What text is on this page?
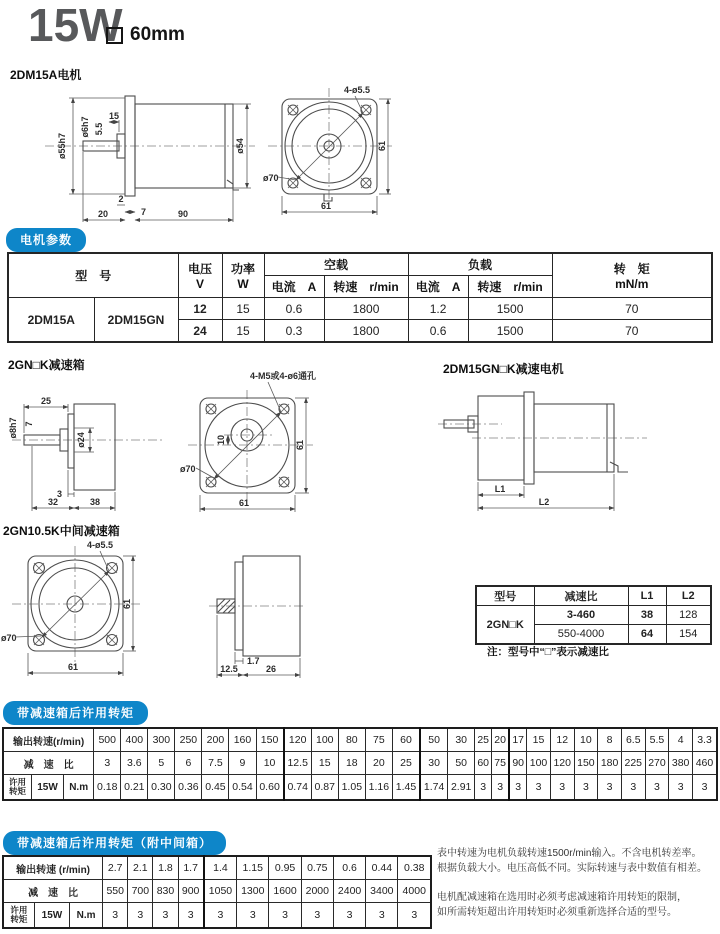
15W 60mm
2DM15A电机
ø55h7
ø6h7 5.5
15
ø54
2
7
20	90
4-ø5.5
ø70
61
61
电机参数
型　号	电压
V

功率
W
	空载	负载	转　矩
mN/m

				电流　A	转速　r/min	电流　A	转速　r/min	
2DM15A	2DM15GN	12	15	0.6	1800	1.2	1500	70
		24	15	0.3	1800	0.6	1500	70
2GN□K减速箱
ø8h7 7
25
ø24
3
32	38
4-M5或4-ø6通孔
10
ø70
61
61
2DM15GN□K减速电机
L1
L2
2GN10.5K中间减速箱
4-ø5.5
ø70
61
61
1.7
12.5	26
型号	减速比	L1	L2
2GN□K	3-460	38	128
	550-4000	64	154
注：型号中“□”表示减速比
带减速箱后许用转矩
输出转速(r/min)			500	400	300	250	200	160	150	120	100	80	75	60	50	30	25	20	17	15	12	10	8	6.5	5.5	4	3.3
减　速　比			3	3.6	5	6	7.5	9	10	12.5	15	18	20	25	30	50	60	75	90	100	120	150	180	225	270	380	460

许用
转矩	15W	N.m	0.18	0.21	0.30	0.36	0.45	0.54	0.60	0.74	0.87	1.05	1.16	1.45	1.74	2.91	3	3	3	3	3	3	3	3	3	3	3
带减速箱后许用转矩（附中间箱）
输出转速 (r/min)			2.7	2.1	1.8	1.7	1.4	1.15	0.95	0.75	0.6	0.44	0.38
减　速　比			550	700	830	900	1050	1300	1600	2000	2400	3400	4000

许用
转矩	15W	N.m	3	3	3	3	3	3	3	3	3	3	3

表中转速为电机负载转速1500r/min输入。不含电机转差率。
根据负载大小。电压高低不同。实际转速与表中数值有相差。

电机配减速箱在选用时必须考虑减速箱许用转矩的限制，
如所需转矩超出许用转矩时必须重新选择合适的型号。
